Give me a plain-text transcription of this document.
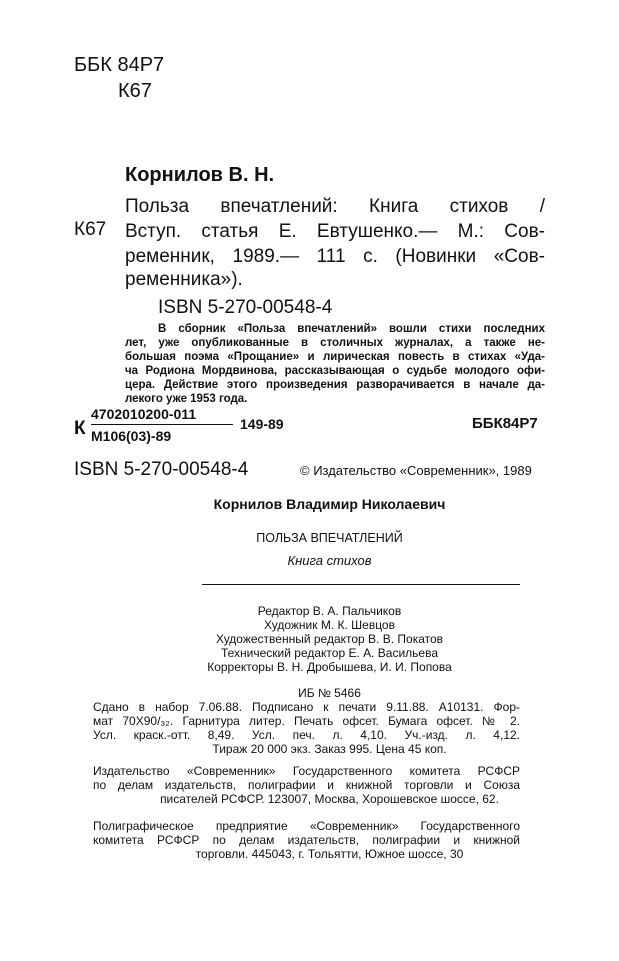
ББК 84Р7
К67
Корнилов В. Н.
К67
Польза впечатлений: Книга стихов /
Вступ. статья Е. Евтушенко.— М.: Сов-
ременник, 1989.— 111 с. (Новинки «Сов-
ременника»).
ISBN 5-270-00548-4
В сборник «Польза впечатлений» вошли стихи последних
лет, уже опубликованные в столичных журналах, а также не-
большая поэма «Прощание» и лирическая повесть в стихах «Уда-
ча Родиона Мордвинова, рассказывающая о судьбе молодого офи-
цера. Действие этого произведения разворачивается в начале да-
лекого уже 1953 года.
К
4702010200-011
М106(03)-89
149-89	ББК84Р7
ISBN 5-270-00548-4	© Издательство «Современник», 1989
Корнилов Владимир Николаевич
ПОЛЬЗА ВПЕЧАТЛЕНИЙ
Книга стихов
Редактор В. А. Пальчиков
Художник М. К. Шевцов
Художественный редактор В. В. Покатов
Технический редактор Е. А. Васильева
Корректоры В. Н. Дробышева, И. И. Попова
ИБ № 5466
Сдано в набор 7.06.88. Подписано к печати 9.11.88. А10131. Фор-
мат 70Х90/₃₂. Гарнитура литер. Печать офсет. Бумага офсет. № 2.
Усл. краск.-отт. 8,49. Усл. печ. л. 4,10. Уч.-изд. л. 4,12.
Тираж 20 000 экз. Заказ 995. Цена 45 коп.
Издательство «Современник» Государственного комитета РСФСР
по делам издательств, полиграфии и книжной торговли и Союза
писателей РСФСР. 123007, Москва, Хорошевское шоссе, 62.
Полиграфическое предприятие «Современник» Государственного
комитета РСФСР по делам издательств, полиграфии и книжной
торговли. 445043, г. Тольятти, Южное шоссе, 30
